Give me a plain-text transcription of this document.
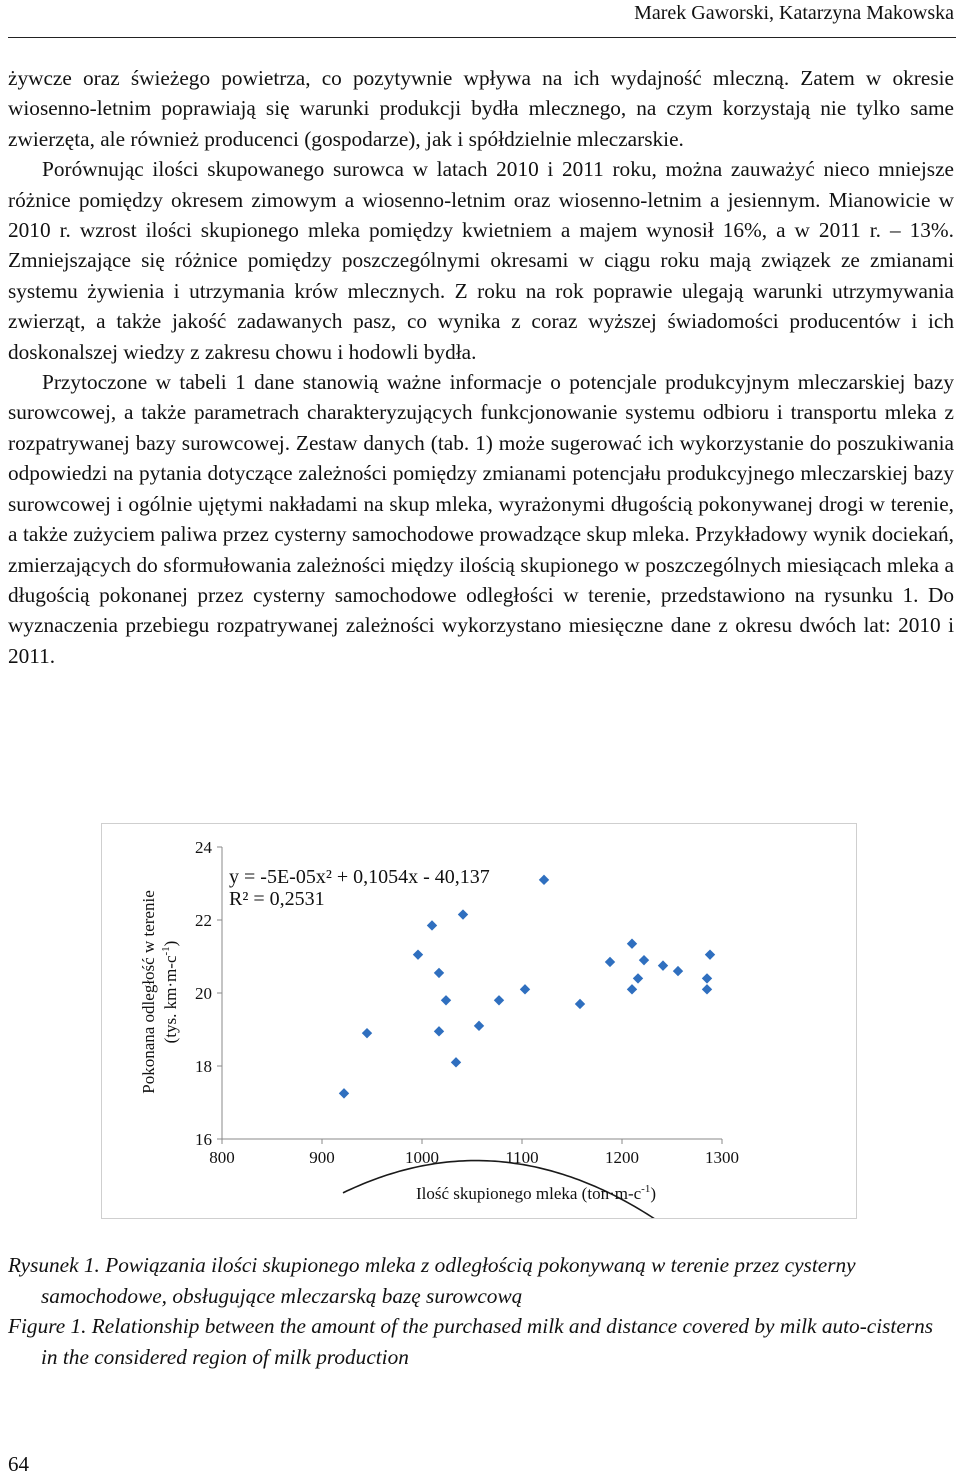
Marek Gaworski, Katarzyna Makowska

żywcze oraz świeżego powietrza, co pozytywnie wpływa na ich wydajność mleczną. Zatem w okresie wiosenno-letnim poprawiają się warunki produkcji bydła mlecznego, na czym korzystają nie tylko same zwierzęta, ale również producenci (gospodarze), jak i spółdzielnie mleczarskie.

Porównując ilości skupowanego surowca w latach 2010 i 2011 roku, można zauważyć nieco mniejsze różnice pomiędzy okresem zimowym a wiosenno-letnim oraz wiosenno-letnim a jesiennym. Mianowicie w 2010 r. wzrost ilości skupionego mleka pomiędzy kwietniem a majem wynosił 16%, a w 2011 r. – 13%. Zmniejszające się różnice pomiędzy poszczególnymi okresami w ciągu roku mają związek ze zmianami systemu żywienia i utrzymania krów mlecznych. Z roku na rok poprawie ulegają warunki utrzymywania zwierząt, a także jakość zadawanych pasz, co wynika z coraz wyższej świadomości producentów i ich doskonalszej wiedzy z zakresu chowu i hodowli bydła.

Przytoczone w tabeli 1 dane stanowią ważne informacje o potencjale produkcyjnym mleczarskiej bazy surowcowej, a także parametrach charakteryzujących funkcjonowanie systemu odbioru i transportu mleka z rozpatrywanej bazy surowcowej. Zestaw danych (tab. 1) może sugerować ich wykorzystanie do poszukiwania odpowiedzi na pytania dotyczące zależności pomiędzy zmianami potencjału produkcyjnego mleczarskiej bazy surowcowej i ogólnie ujętymi nakładami na skup mleka, wyrażonymi długością pokonywanej drogi w terenie, a także zużyciem paliwa przez cysterny samochodowe prowadzące skup mleka. Przykładowy wynik dociekań, zmierzających do sformułowania zależności między ilością skupionego w poszczególnych miesiącach mleka a długością pokonanej przez cysterny samochodowe odległości w terenie, przedstawiono na rysunku 1. Do wyznaczenia przebiegu rozpatrywanej zależności wykorzystano miesięczne dane z okresu dwóch lat: 2010 i 2011.

16
18
20
22
24
800	900	1000	1100	1200	1300
y = -5E-05x² + 0,1054x - 40,137
R² = 0,2531
Ilość skupionego mleka $(ton\cdot m-c^{-1})$
Pokonana odległość w terenie (tys. $km\cdot m-c^{-1}$)

Rysunek 1. Powiązania ilości skupionego mleka z odległością pokonywaną w terenie przez cysterny samochodowe, obsługujące mleczarską bazę surowcową

Figure 1. Relationship between the amount of the purchased milk and distance covered by milk auto-cisterns in the considered region of milk production

64
